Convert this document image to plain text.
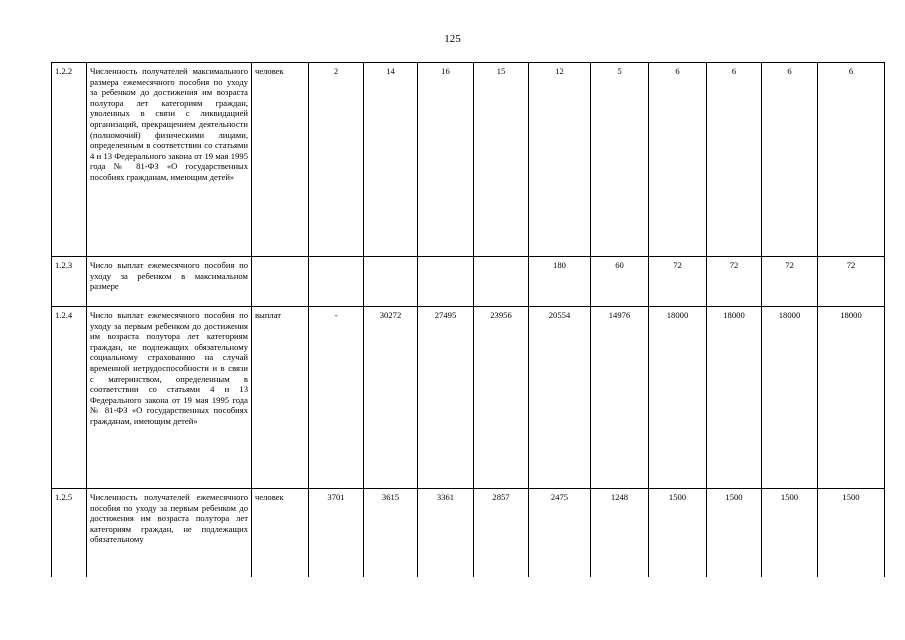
125
1.2.2	Численность получателей максимального размера ежемесячного пособия по уходу за ребенком до достижения им возраста полутора лет категориям граждан, уволенных в связи с ликвидацией организаций, прекращением деятельности (полномочий) физическими лицами, определенным в соответствии со статьями 4 и 13 Федерального закона от 19 мая 1995 года № 81-ФЗ «О государственных пособиях гражданам, имеющим детей»	человек	2	14	16	15	12	5	6	6	6	6
1.2.3	Число выплат ежемесячного пособия по уходу за ребенком в максимальном размере						180	60	72	72	72	72
1.2.4	Число выплат ежемесячного пособия по уходу за первым ребенком до достижения им возраста полутора лет категориям граждан, не подлежащих обязательному социальному страхованию на случай временной нетрудоспособности и в связи с материнством, определенным в соответствии со статьями 4 и 13 Федерального закона от 19 мая 1995 года № 81-ФЗ «О государственных пособиях гражданам, имеющим детей»	выплат	-	30272	27495	23956	20554	14976	18000	18000	18000	18000
1.2.5	Численность получателей ежемесячного пособия по уходу за первым ребенком до достижения им возраста полутора лет категориям граждан, не подлежащих обязательному	человек	3701	3615	3361	2857	2475	1248	1500	1500	1500	1500
